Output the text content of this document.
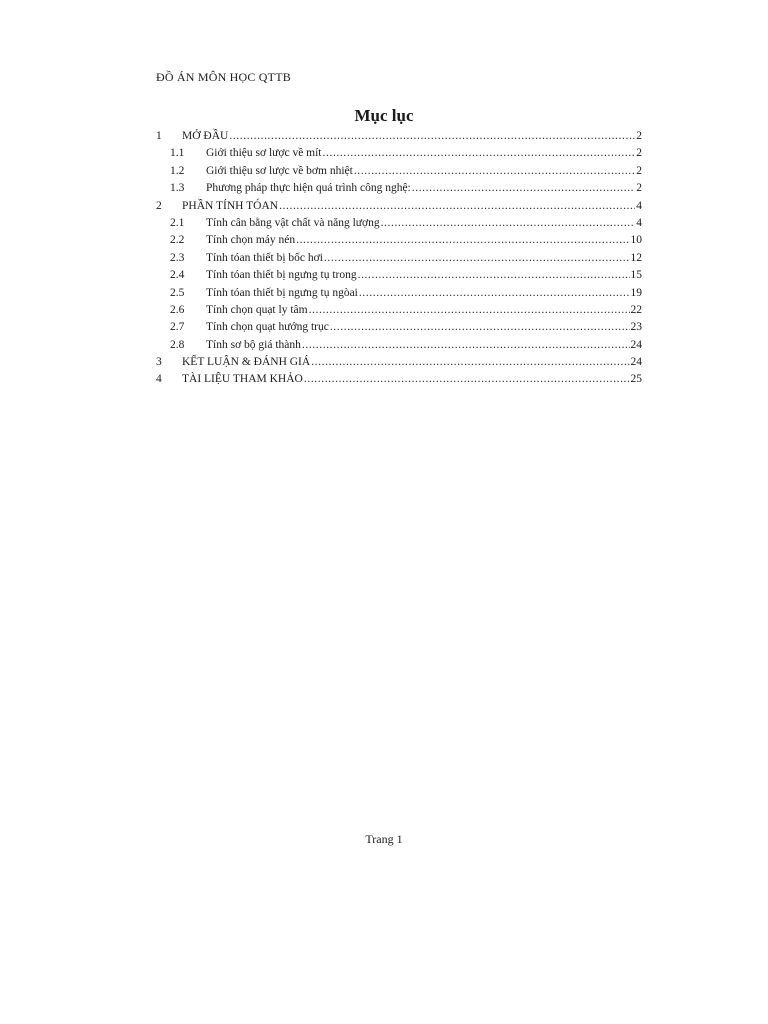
ĐỒ ÁN MÔN HỌC QTTB
Mục lục
1	MỞ ĐẦU .....	2
1.1	Giới thiệu sơ lược về mít .....	2
1.2	Giới thiệu sơ lược về bơm nhiệt .....	2
1.3	Phương pháp thực hiện quá trình công nghệ: .....	2
2	PHẦN TÍNH TÓAN .....	4
2.1	Tính cân bằng vật chất và năng lượng .....	4
2.2	Tính chọn máy nén .....	10
2.3	Tính tóan thiết bị bốc hơi .....	12
2.4	Tính tóan thiết bị ngưng tụ trong .....	15
2.5	Tính tóan thiết bị ngưng tụ ngòai .....	19
2.6	Tính chọn quạt ly tâm .....	22
2.7	Tính chọn quạt hướng trục .....	23
2.8	Tính sơ bộ giá thành .....	24
3	KẾT LUẬN & ĐÁNH GIÁ .....	24
4	TÀI LIỆU THAM KHẢO .....	25
Trang 1
